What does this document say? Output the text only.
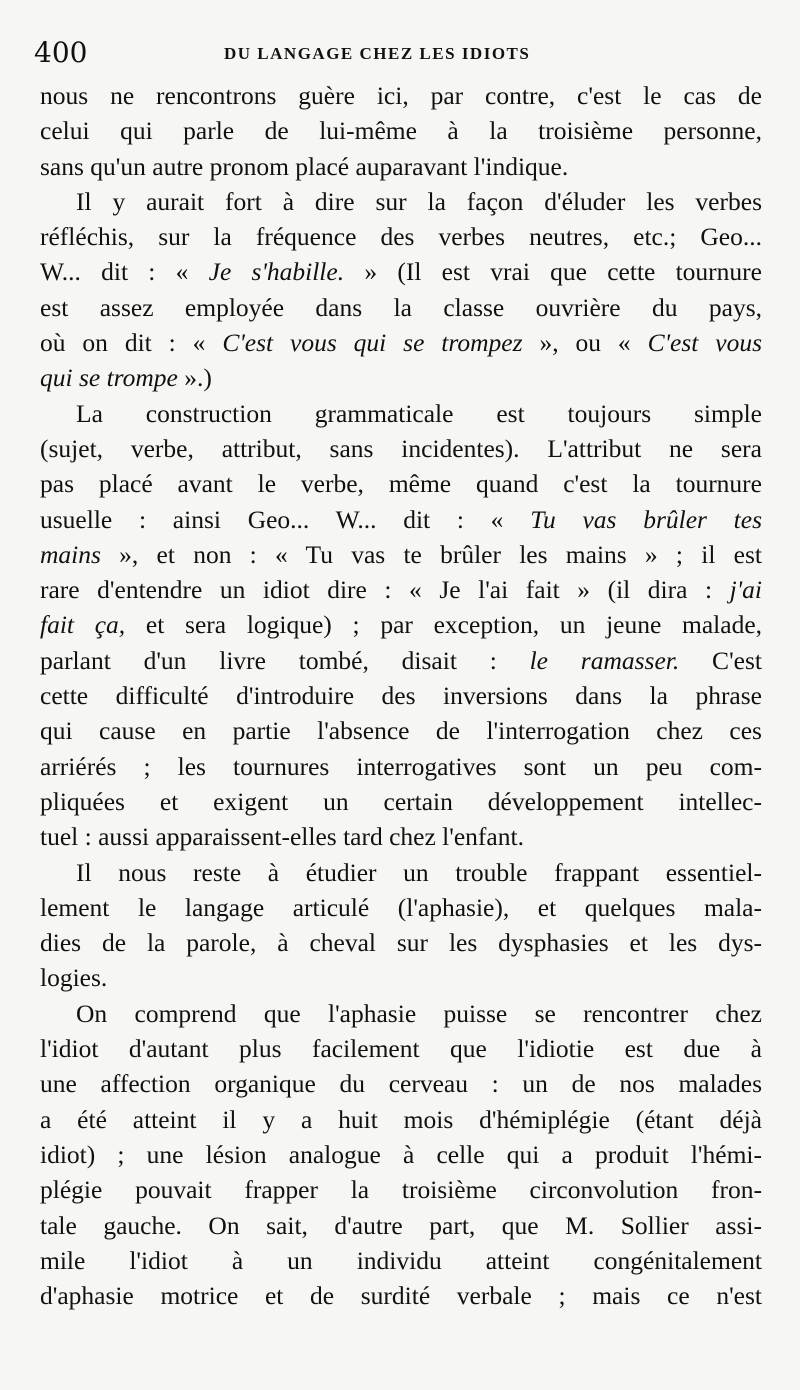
400	DU LANGAGE CHEZ LES IDIOTS
nous ne rencontrons guère ici, par contre, c'est le cas de
celui qui parle de lui-même à la troisième personne,
sans qu'un autre pronom placé auparavant l'indique.
Il y aurait fort à dire sur la façon d'éluder les verbes
réfléchis, sur la fréquence des verbes neutres, etc.; Geo...
W... dit : « Je s'habille. » (Il est vrai que cette tournure
est assez employée dans la classe ouvrière du pays,
où on dit : « C'est vous qui se trompez », ou « C'est vous
qui se trompe ».)
La construction grammaticale est toujours simple
(sujet, verbe, attribut, sans incidentes). L'attribut ne sera
pas placé avant le verbe, même quand c'est la tournure
usuelle : ainsi Geo... W... dit : « Tu vas brûler tes
mains », et non : « Tu vas te brûler les mains » ; il est
rare d'entendre un idiot dire : « Je l'ai fait » (il dira : j'ai
fait ça, et sera logique) ; par exception, un jeune malade,
parlant d'un livre tombé, disait : le ramasser. C'est
cette difficulté d'introduire des inversions dans la phrase
qui cause en partie l'absence de l'interrogation chez ces
arriérés ; les tournures interrogatives sont un peu com-
pliquées et exigent un certain développement intellec-
tuel : aussi apparaissent-elles tard chez l'enfant.
Il nous reste à étudier un trouble frappant essentiel-
lement le langage articulé (l'aphasie), et quelques mala-
dies de la parole, à cheval sur les dysphasies et les dys-
logies.
On comprend que l'aphasie puisse se rencontrer chez
l'idiot d'autant plus facilement que l'idiotie est due à
une affection organique du cerveau : un de nos malades
a été atteint il y a huit mois d'hémiplégie (étant déjà
idiot) ; une lésion analogue à celle qui a produit l'hémi-
plégie pouvait frapper la troisième circonvolution fron-
tale gauche. On sait, d'autre part, que M. Sollier assi-
mile l'idiot à un individu atteint congénitalement
d'aphasie motrice et de surdité verbale ; mais ce n'est
